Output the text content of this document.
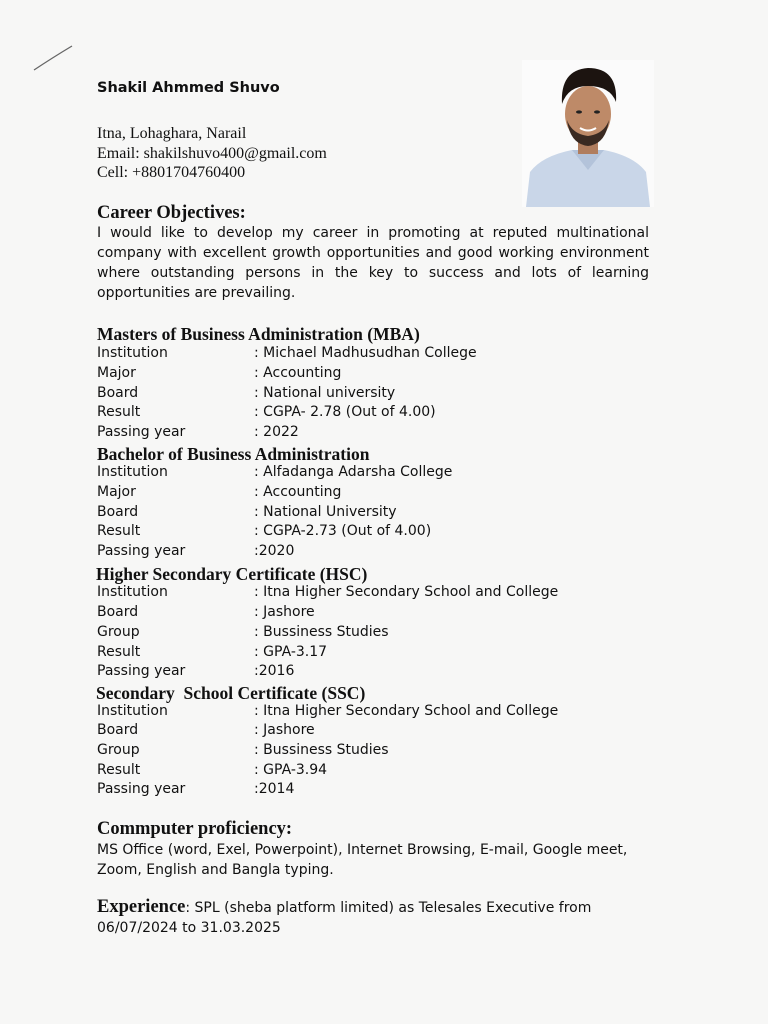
Shakil Ahmmed Shuvo
Itna, Lohaghara, Narail
Email: shakilshuvo400@gmail.com
Cell: +8801704760400
Career Objectives:
I would like to develop my career in promoting at reputed multinational company with excellent growth opportunities and good working environment where outstanding persons in the key to success and lots of learning opportunities are prevailing.
Masters of Business Administration (MBA)
Institution	: Michael Madhusudhan College
Major	: Accounting
Board	: National university
Result	: CGPA- 2.78 (Out of 4.00)
Passing year	: 2022
Bachelor of Business Administration
Institution	: Alfadanga Adarsha College
Major	: Accounting
Board	: National University
Result	: CGPA-2.73 (Out of 4.00)
Passing year	:2020
Higher Secondary Certificate (HSC)
Institution	: Itna Higher Secondary School and College
Board	: Jashore
Group	: Bussiness Studies
Result	: GPA-3.17
Passing year	:2016
Secondary  School Certificate (SSC)
Institution	: Itna Higher Secondary School and College
Board	: Jashore
Group	: Bussiness Studies
Result	: GPA-3.94
Passing year	:2014
Commputer proficiency:
MS Office (word, Exel, Powerpoint), Internet Browsing, E-mail, Google meet,
Zoom, English and Bangla typing.
Experience: SPL (sheba platform limited) as Telesales Executive from
06/07/2024 to 31.03.2025
